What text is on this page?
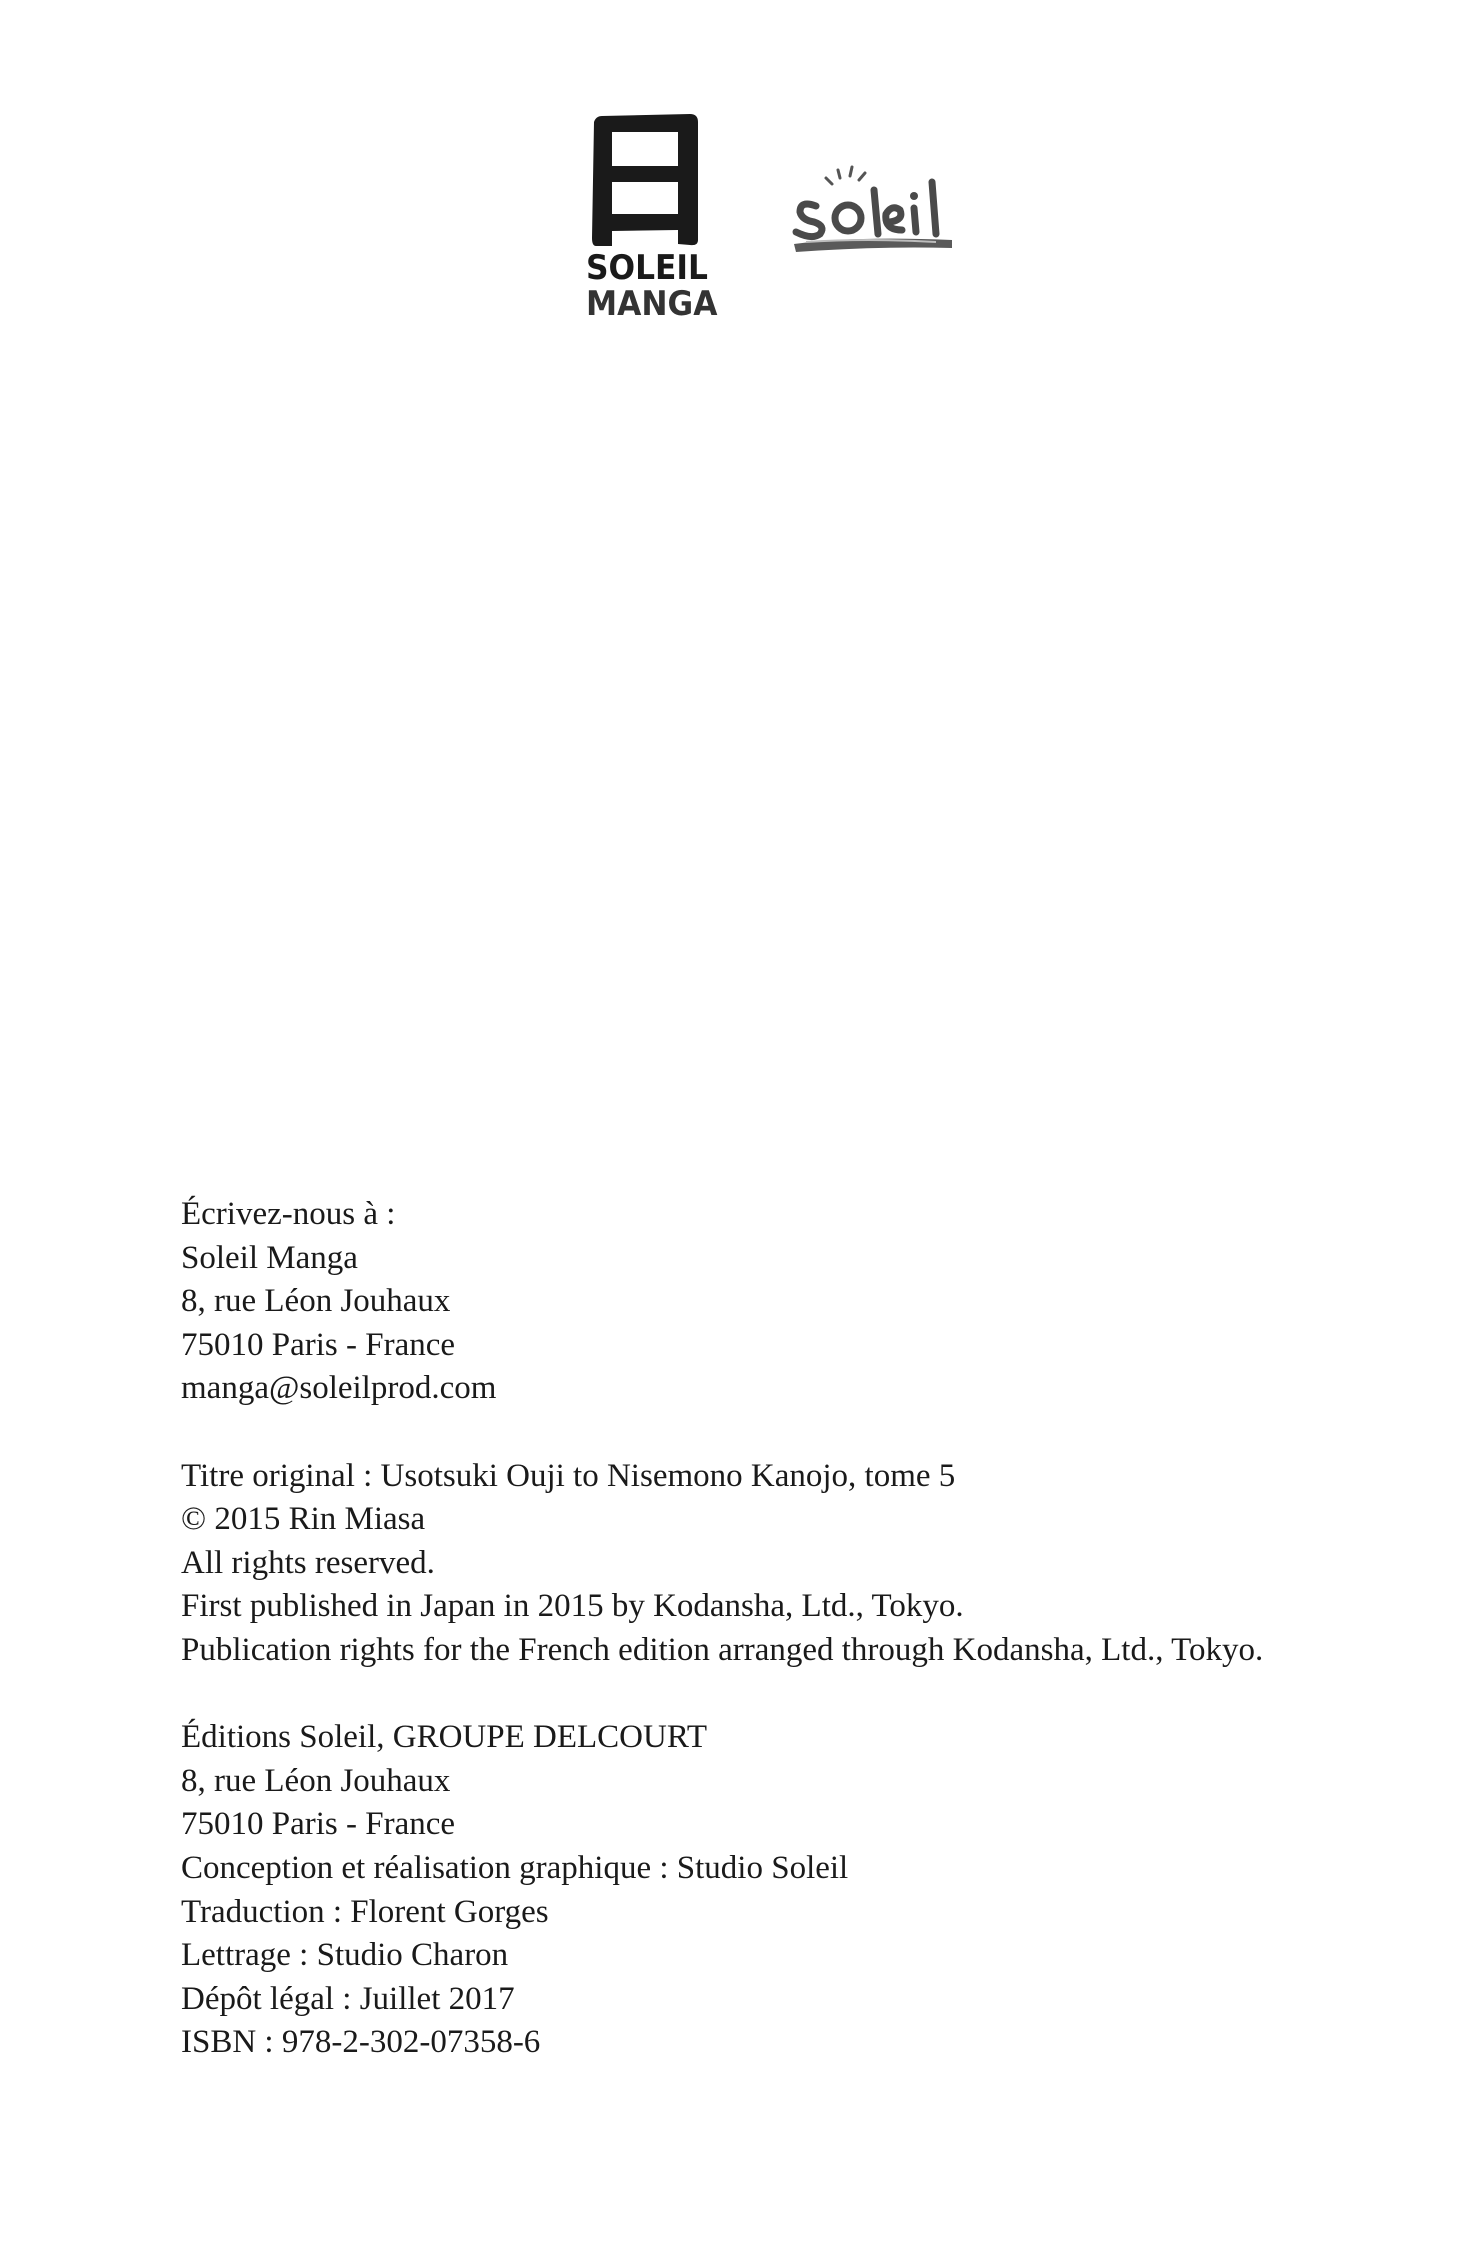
SOLEIL
MANGA
Écrivez-nous à :
Soleil Manga
8, rue Léon Jouhaux
75010 Paris - France
manga@soleilprod.com
Titre original : Usotsuki Ouji to Nisemono Kanojo, tome 5
© 2015 Rin Miasa
All rights reserved.
First published in Japan in 2015 by Kodansha, Ltd., Tokyo.
Publication rights for the French edition arranged through Kodansha, Ltd., Tokyo.
Éditions Soleil, GROUPE DELCOURT
8, rue Léon Jouhaux
75010 Paris - France
Conception et réalisation graphique : Studio Soleil
Traduction : Florent Gorges
Lettrage : Studio Charon
Dépôt légal : Juillet 2017
ISBN : 978-2-302-07358-6
